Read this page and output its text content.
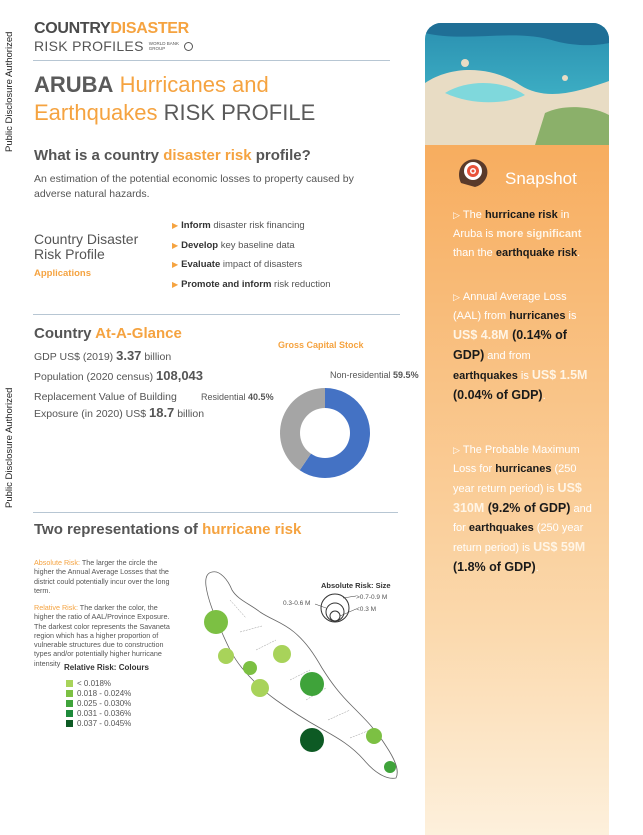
Public Disclosure Authorized
Public Disclosure Authorized
COUNTRYDISASTER
RISK PROFILES WORLD BANK
GROUP
ARUBA Hurricanes and
Earthquakes RISK PROFILE
What is a country disaster risk profile?
An estimation of the potential economic losses to property caused by adverse natural hazards.
Country Disaster
Risk Profile
Applications
▶ Inform disaster risk financing
▶ Develop key baseline data
▶ Evaluate impact of disasters
▶ Promote and inform risk reduction
Country At-A-Glance
GDP US$ (2019) 3.37 billion
Population (2020 census) 108,043
Replacement Value of Building
Exposure (in 2020) US$ 18.7 billion
Gross Capital Stock
Non-residential 59.5%
Residential 40.5%
Two representations of hurricane risk
Absolute Risk: The larger the circle the higher the Annual Average Losses that the district could potentially incur over the long term.
Relative Risk: The darker the color, the higher the ratio of AAL/Province Exposure. The darkest color represents the Savaneta region which has a higher proportion of vulnerable structures due to construction types and/or potentially higher hurricane intensity
Absolute Risk: Size
0.3-0.6 M
>0.7-0.9 M
<0.3 M
Relative Risk: Colours
< 0.018%
0.018 - 0.024%
0.025 - 0.030%
0.031 - 0.036%
0.037 - 0.045%
Snapshot

▷ The hurricane risk in Aruba is more significant than the earthquake risk.

▷ Annual Average Loss (AAL) from hurricanes is US$ 4.8M (0.14% of GDP) and from earthquakes is US$ 1.5M (0.04% of GDP).

▷ The Probable Maximum Loss for hurricanes (250 year return period) is US$ 310M (9.2% of GDP) and for earthquakes (250 year return period) is US$ 59M (1.8% of GDP).
